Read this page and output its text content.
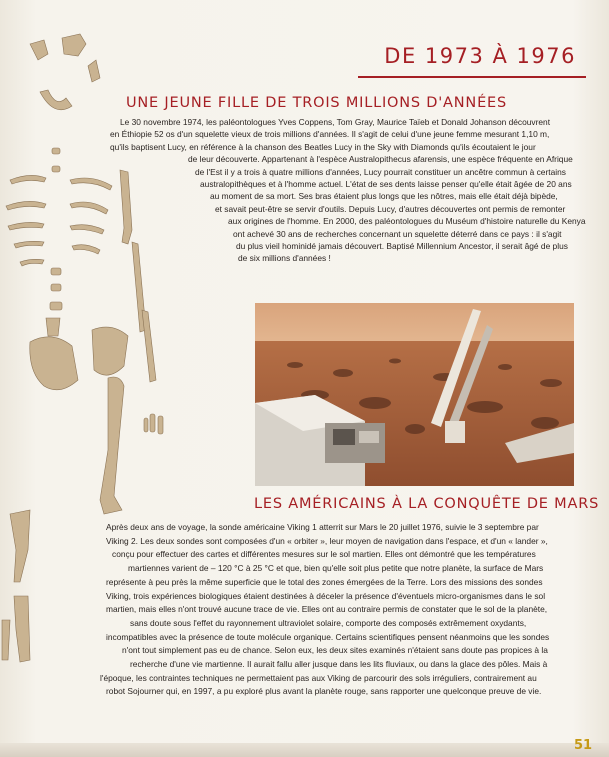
DE 1973 À 1976
UNE JEUNE FILLE DE TROIS MILLIONS D'ANNÉES
Le 30 novembre 1974, les paléontologues Yves Coppens, Tom Gray, Maurice Taïeb et Donald Johanson découvrent
en Éthiopie 52 os d'un squelette vieux de trois millions d'années. Il s'agit de celui d'une jeune femme mesurant 1,10 m,
qu'ils baptisent Lucy, en référence à la chanson des Beatles Lucy in the Sky with Diamonds qu'ils écoutaient le jour
de leur découverte. Appartenant à l'espèce Australopithecus afarensis, une espèce fréquente en Afrique
de l'Est il y a trois à quatre millions d'années, Lucy pourrait constituer un ancêtre commun à certains
australopithèques et à l'homme actuel. L'état de ses dents laisse penser qu'elle était âgée de 20 ans
au moment de sa mort. Ses bras étaient plus longs que les nôtres, mais elle était déjà bipède,
et savait peut-être se servir d'outils. Depuis Lucy, d'autres découvertes ont permis de remonter
aux origines de l'homme. En 2000, des paléontologues du Muséum d'histoire naturelle du Kenya
ont achevé 30 ans de recherches concernant un squelette déterré dans ce pays : il s'agit
du plus vieil hominidé jamais découvert. Baptisé Millennium Ancestor, il serait âgé de plus
de six millions d'années !
LES AMÉRICAINS À LA CONQUÊTE DE MARS
Après deux ans de voyage, la sonde américaine Viking 1 atterrit sur Mars le 20 juillet 1976, suivie le 3 septembre par
Viking 2. Les deux sondes sont composées d'un « orbiter », leur moyen de navigation dans l'espace, et d'un « lander »,
conçu pour effectuer des cartes et différentes mesures sur le sol martien. Elles ont démontré que les températures
martiennes varient de – 120 °C à 25 °C et que, bien qu'elle soit plus petite que notre planète, la surface de Mars
représente à peu près la même superficie que le total des zones émergées de la Terre. Lors des missions des sondes
Viking, trois expériences biologiques étaient destinées à déceler la présence d'éventuels micro-organismes dans le sol
martien, mais elles n'ont trouvé aucune trace de vie. Elles ont au contraire permis de constater que le sol de la planète,
sans doute sous l'effet du rayonnement ultraviolet solaire, comporte des composés extrêmement oxydants,
incompatibles avec la présence de toute molécule organique. Certains scientifiques pensent néanmoins que les sondes
n'ont tout simplement pas eu de chance. Selon eux, les deux sites examinés n'étaient sans doute pas propices à la
recherche d'une vie martienne. Il aurait fallu aller jusque dans les lits fluviaux, ou dans la glace des pôles. Mais à
l'époque, les contraintes techniques ne permettaient pas aux Viking de parcourir des sols irréguliers, contrairement au
robot Sojourner qui, en 1997, a pu exploré plus avant la planète rouge, sans rapporter une quelconque preuve de vie.
51
